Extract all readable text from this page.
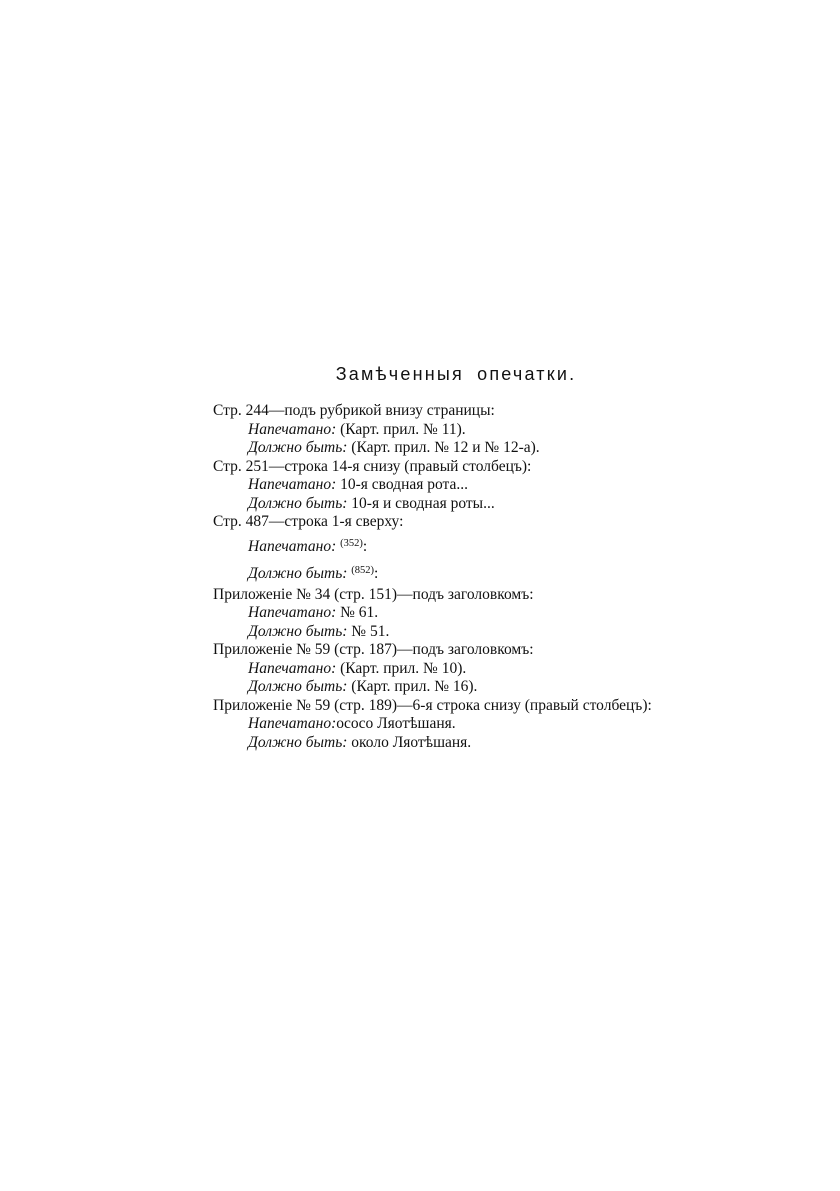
Замѣченныя опечатки.
Стр. 244—подъ рубрикой внизу страницы:
Напечатано: (Карт. прил. № 11).
Должно быть: (Карт. прил. № 12 и № 12-а).
Стр. 251—строка 14-я снизу (правый столбецъ):
Напечатано: 10-я сводная рота...
Должно быть: 10-я и сводная роты...
Стр. 487—строка 1-я сверху:
Напечатано: $^{(352)}$:
Должно быть: $^{(852)}$:
Приложеніе № 34 (стр. 151)—подъ заголовкомъ:
Напечатано: № 61.
Должно быть: № 51.
Приложеніе № 59 (стр. 187)—подъ заголовкомъ:
Напечатано: (Карт. прил. № 10).
Должно быть: (Карт. прил. № 16).
Приложеніе № 59 (стр. 189)—6-я строка снизу (правый столбецъ):
Напечатано:ococo Ляотѣшаня.
Должно быть: около Ляотѣшаня.
